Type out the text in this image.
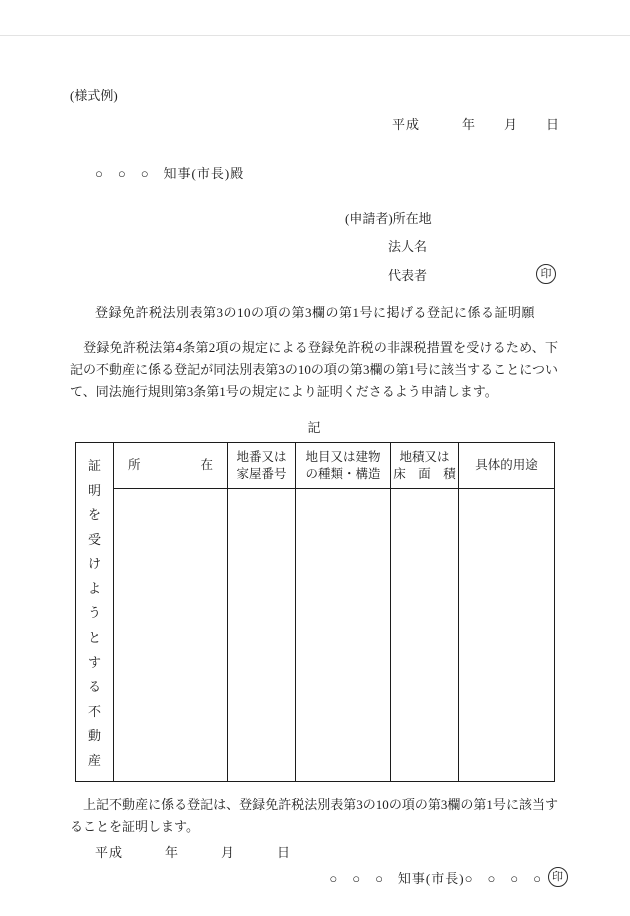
(様式例)
平成　　　年　　月　　日
○　○　○　知事(市長)殿
(申請者)所在地
法人名
代表者	印
登録免許税法別表第3の10の項の第3欄の第1号に掲げる登記に係る証明願
　登録免許税法第4条第2項の規定による登録免許税の非課税措置を受けるため、下記の不動産に係る登記が同法別表第3の10の項の第3欄の第1号に該当することについて、同法施行規則第3条第1号の規定により証明くださるよう申請します。
記
証
明
を
受
け
よ
う
と
す
る
不
動
産
所	在
地番又は
家屋番号
地目又は建物
の種類・構造
地積又は
床　面　積
具体的用途
　上記不動産に係る登記は、登録免許税法別表第3の10の項の第3欄の第1号に該当することを証明します。
平成　　　年　　　月　　　日
○　○　○　知事(市長)○　○　○　○ 印
